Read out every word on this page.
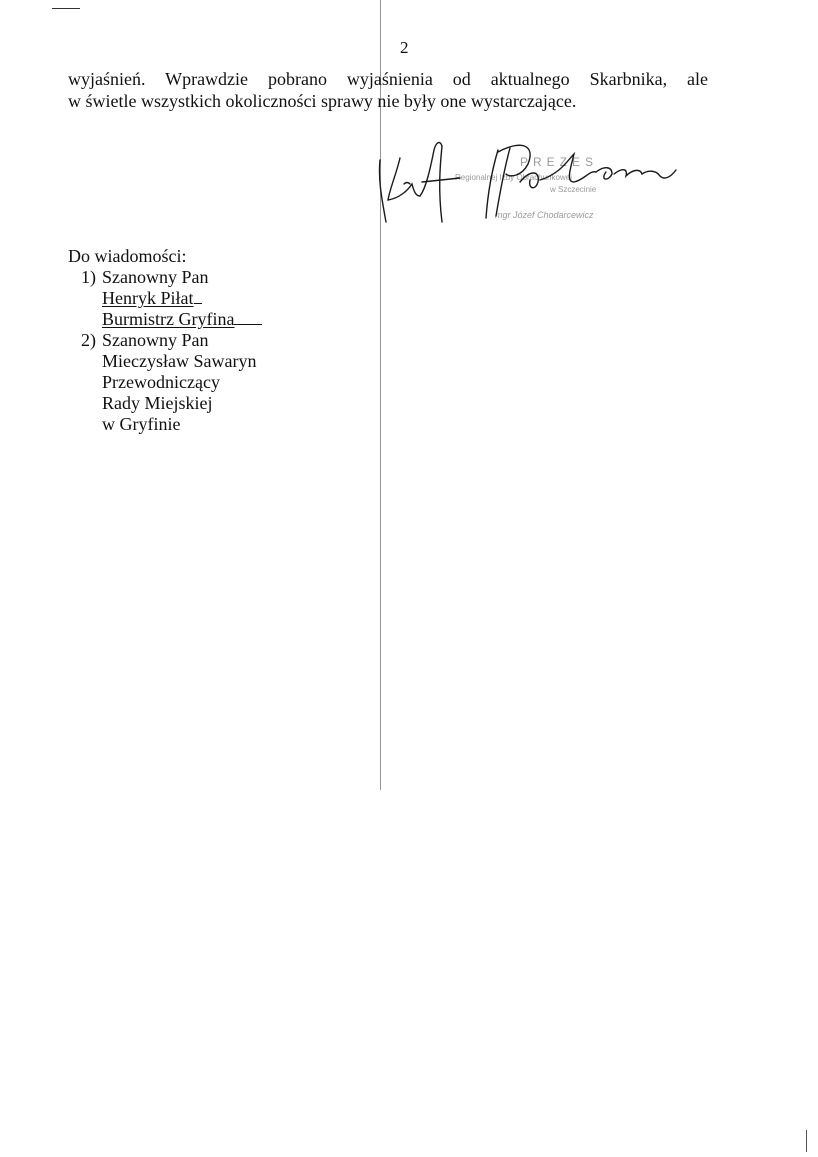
2
wyjaśnień. Wprawdzie pobrano wyjaśnienia od aktualnego Skarbnika, ale
w świetle wszystkich okoliczności sprawy nie były one wystarczające.
PREZES
Regionalnej Izby Obrachunkowej
w Szczecinie
mgr Józef Chodarcewicz
Do wiadomości:
1) Szanowny Pan
Henryk Piłat
Burmistrz Gryfina
2) Szanowny Pan
Mieczysław Sawaryn
Przewodniczący
Rady Miejskiej
w Gryfinie
